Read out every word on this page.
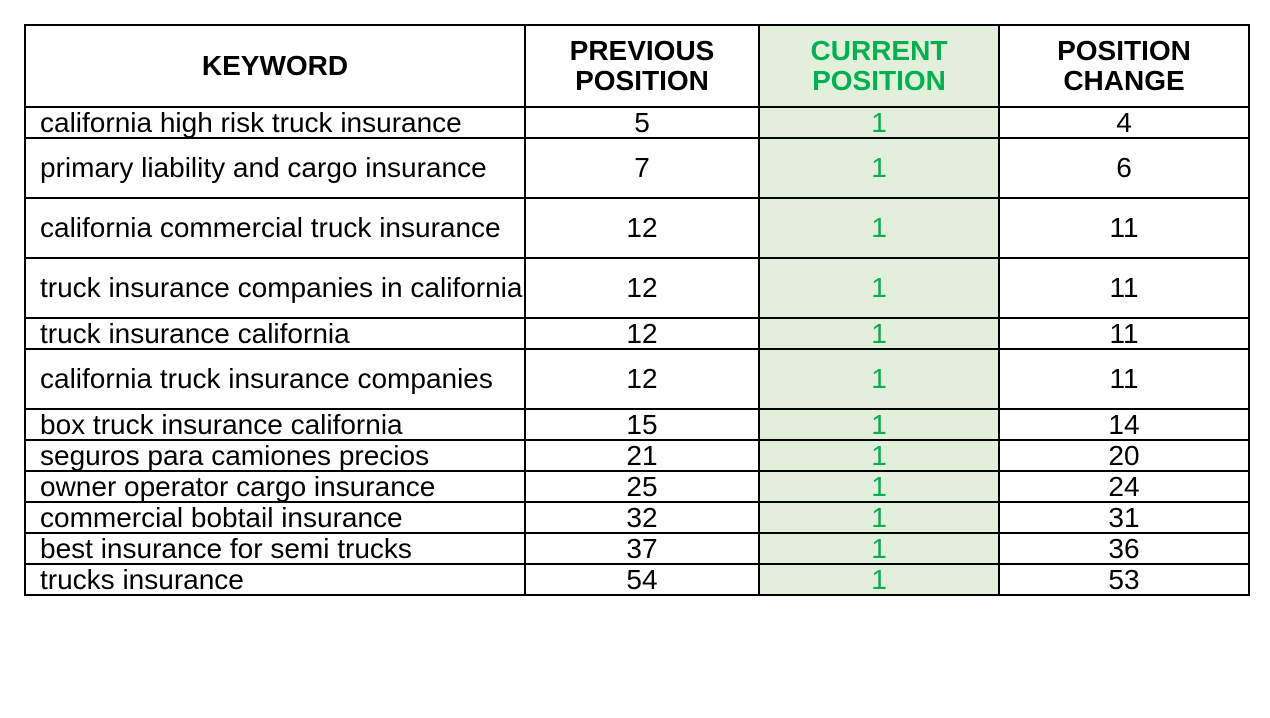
KEYWORD	PREVIOUS POSITION	CURRENT POSITION	POSITION CHANGE
california high risk truck insurance	5	1	4
primary liability and cargo insurance	7	1	6
california commercial truck insurance	12	1	11
truck insurance companies in california	12	1	11
truck insurance california	12	1	11
california truck insurance companies	12	1	11
box truck insurance california	15	1	14
seguros para camiones precios	21	1	20
owner operator cargo insurance	25	1	24
commercial bobtail insurance	32	1	31
best insurance for semi trucks	37	1	36
trucks insurance	54	1	53
